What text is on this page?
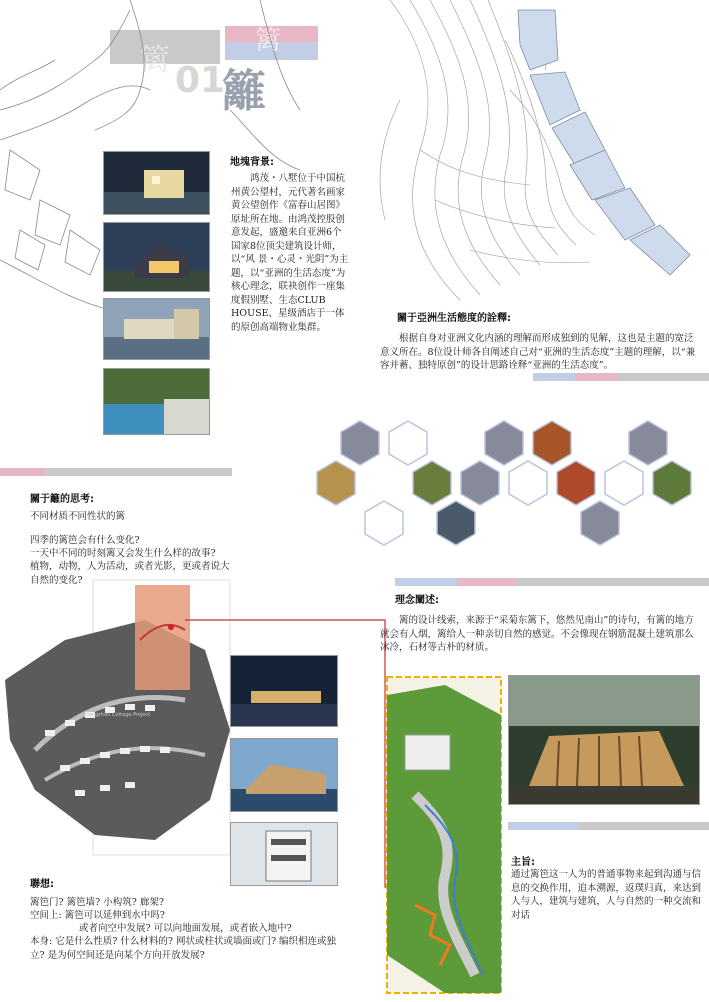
篱 01
籬
地塊背景:
鸿茂・八墅位于中国杭州黄公望村，元代著名画家黄公望创作《富春山居图》原址所在地。由鸿茂控股创意发起，盛邀来自亚洲6个国家8位顶尖建筑设计师，以“风 景・心灵・光阴”为主题，以“亚洲的生活态度”为核心理念，联袂创作一座集度假别墅、生态CLUB HOUSE、星级酒店于一体的原创高端物业集群。
關于亞洲生活態度的詮釋:
根据自身对亚洲文化内涵的理解而形成独到的见解，这也是主题的宽泛意义所在。8位设计师各自阐述自己对“亚洲的生活态度”主题的理解，以“兼容并蓄、独特原创”的设计思路诠释“亚洲的生活态度”。
關于籬的思考:
不同材质不同性状的篱
四季的篱笆会有什么变化?
一天中不同的时刻篱又会发生什么样的故事?
植物，动物，人为活动，或者光影，更或者说大自然的变化?
理念闡述:
篱的设计线索，来源于“采菊东篱下，悠然见南山”的诗句，有篱的地方就会有人烟，篱给人一种亲切自然的感觉。不会像现在钢筋混凝土建筑那么冰冷，石材等古朴的材质。
Hangzhou Cottage Project
主旨:
通过篱笆这一人为的普通事物来起到沟通与信息的交换作用，追本溯源，返璞归真，来达到人与人，建筑与建筑，人与自然的一种交流和对话
聯想:
篱笆门? 篱笆墙? 小构筑? 廊架?
空间上: 篱笆可以延伸到水中吗?
或者向空中发展? 可以向地面发展，或者嵌入地中?
本身: 它是什么性质? 什么材料的? 网状或柱状或墙面或门? 编织相连或独立? 是为何空间还是向某个方向开放发展?
